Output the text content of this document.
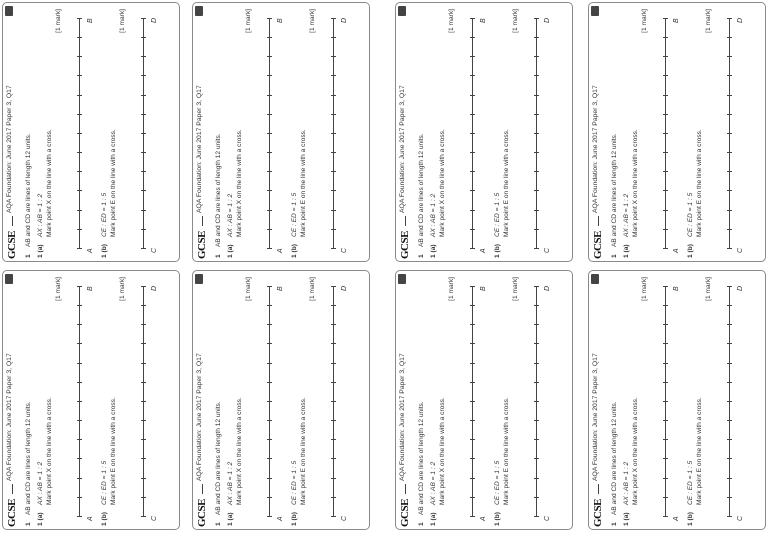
GCSE
AQA Foundation: June 2017 Paper 3, Q17
1
AB and CD are lines of length 12 units.
1 (a)
AX : AB = 1 : 2 Mark point X on the line with a cross.
[1 mark]
A
B
1 (b)
CE : ED = 1 : 5 Mark point E on the line with a cross.
[1 mark]
C
D
GCSE
AQA Foundation: June 2017 Paper 3, Q17
1
AB and CD are lines of length 12 units.
1 (a)
AX : AB = 1 : 2 Mark point X on the line with a cross.
[1 mark]
A
B
1 (b)
CE : ED = 1 : 5 Mark point E on the line with a cross.
[1 mark]
C
D
GCSE
AQA Foundation: June 2017 Paper 3, Q17
1
AB and CD are lines of length 12 units.
1 (a)
AX : AB = 1 : 2 Mark point X on the line with a cross.
[1 mark]
A
B
1 (b)
CE : ED = 1 : 5 Mark point E on the line with a cross.
[1 mark]
C
D
GCSE
AQA Foundation: June 2017 Paper 3, Q17
1
AB and CD are lines of length 12 units.
1 (a)
AX : AB = 1 : 2 Mark point X on the line with a cross.
[1 mark]
A
B
1 (b)
CE : ED = 1 : 5 Mark point E on the line with a cross.
[1 mark]
C
D
GCSE
AQA Foundation: June 2017 Paper 3, Q17
1
AB and CD are lines of length 12 units.
1 (a)
AX : AB = 1 : 2 Mark point X on the line with a cross.
[1 mark]
A
B
1 (b)
CE : ED = 1 : 5 Mark point E on the line with a cross.
[1 mark]
C
D
GCSE
AQA Foundation: June 2017 Paper 3, Q17
1
AB and CD are lines of length 12 units.
1 (a)
AX : AB = 1 : 2 Mark point X on the line with a cross.
[1 mark]
A
B
1 (b)
CE : ED = 1 : 5 Mark point E on the line with a cross.
[1 mark]
C
D
GCSE
AQA Foundation: June 2017 Paper 3, Q17
1
AB and CD are lines of length 12 units.
1 (a)
AX : AB = 1 : 2 Mark point X on the line with a cross.
[1 mark]
A
B
1 (b)
CE : ED = 1 : 5 Mark point E on the line with a cross.
[1 mark]
C
D
GCSE
AQA Foundation: June 2017 Paper 3, Q17
1
AB and CD are lines of length 12 units.
1 (a)
AX : AB = 1 : 2 Mark point X on the line with a cross.
[1 mark]
A
B
1 (b)
CE : ED = 1 : 5 Mark point E on the line with a cross.
[1 mark]
C
D
